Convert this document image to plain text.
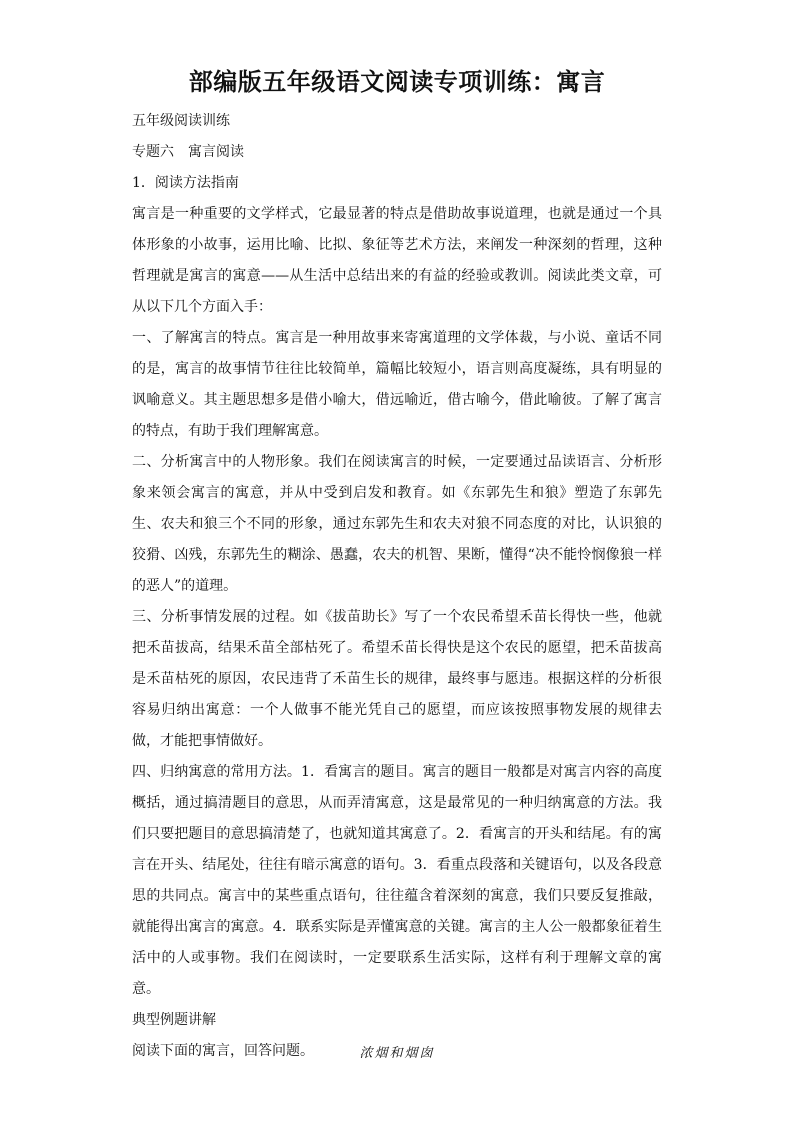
部编版五年级语文阅读专项训练：寓言
五年级阅读训练
专题六　寓言阅读
1．阅读方法指南
寓言是一种重要的文学样式，它最显著的特点是借助故事说道理，也就是通过一个具体形象的小故事，运用比喻、比拟、象征等艺术方法，来阐发一种深刻的哲理，这种哲理就是寓言的寓意——从生活中总结出来的有益的经验或教训。阅读此类文章，可从以下几个方面入手：
一、了解寓言的特点。寓言是一种用故事来寄寓道理的文学体裁，与小说、童话不同的是，寓言的故事情节往往比较简单，篇幅比较短小，语言则高度凝练，具有明显的讽喻意义。其主题思想多是借小喻大，借远喻近，借古喻今，借此喻彼。了解了寓言的特点，有助于我们理解寓意。
二、分析寓言中的人物形象。我们在阅读寓言的时候，一定要通过品读语言、分析形象来领会寓言的寓意，并从中受到启发和教育。如《东郭先生和狼》塑造了东郭先生、农夫和狼三个不同的形象，通过东郭先生和农夫对狼不同态度的对比，认识狼的狡猾、凶残，东郭先生的糊涂、愚蠢，农夫的机智、果断，懂得“决不能怜悯像狼一样的恶人”的道理。
三、分析事情发展的过程。如《拔苗助长》写了一个农民希望禾苗长得快一些，他就把禾苗拔高，结果禾苗全部枯死了。希望禾苗长得快是这个农民的愿望，把禾苗拔高是禾苗枯死的原因，农民违背了禾苗生长的规律，最终事与愿违。根据这样的分析很容易归纳出寓意：一个人做事不能光凭自己的愿望，而应该按照事物发展的规律去做，才能把事情做好。
四、归纳寓意的常用方法。1．看寓言的题目。寓言的题目一般都是对寓言内容的高度概括，通过搞清题目的意思，从而弄清寓意，这是最常见的一种归纳寓意的方法。我们只要把题目的意思搞清楚了，也就知道其寓意了。2．看寓言的开头和结尾。有的寓言在开头、结尾处，往往有暗示寓意的语句。3．看重点段落和关键语句，以及各段意思的共同点。寓言中的某些重点语句，往往蕴含着深刻的寓意，我们只要反复推敲，就能得出寓言的寓意。4．联系实际是弄懂寓意的关键。寓言的主人公一般都象征着生活中的人或事物。我们在阅读时，一定要联系生活实际，这样有利于理解文章的寓意。
典型例题讲解
阅读下面的寓言，回答问题。	浓烟和烟囱
